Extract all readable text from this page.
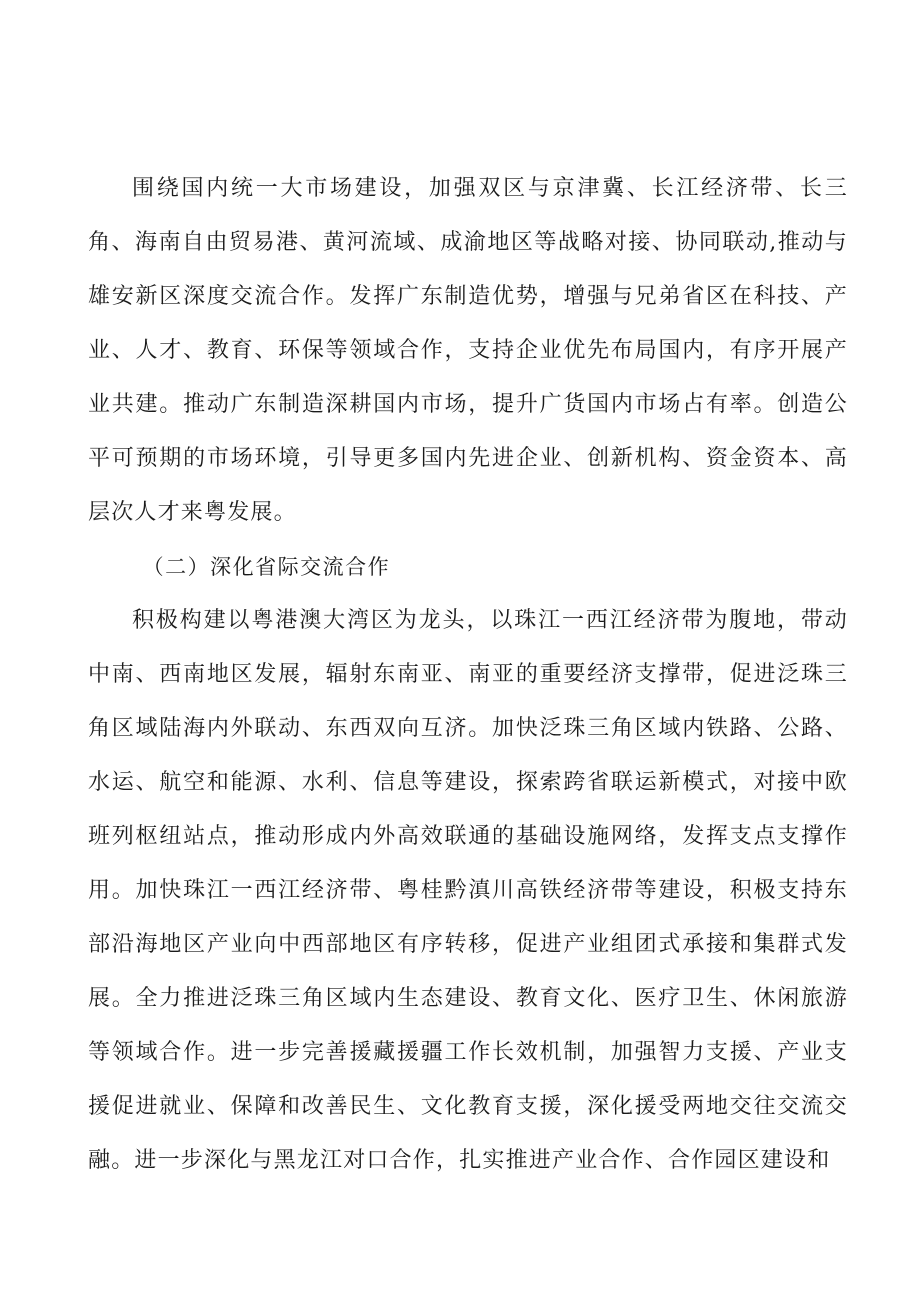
围绕国内统一大市场建设，加强双区与京津冀、长江经济带、长三角、海南自由贸易港、黄河流域、成渝地区等战略对接、协同联动,推动与雄安新区深度交流合作。发挥广东制造优势，增强与兄弟省区在科技、产业、人才、教育、环保等领域合作，支持企业优先布局国内，有序开展产业共建。推动广东制造深耕国内市场，提升广货国内市场占有率。创造公平可预期的市场环境，引导更多国内先进企业、创新机构、资金资本、高层次人才来粤发展。

（二）深化省际交流合作

积极构建以粤港澳大湾区为龙头，以珠江一西江经济带为腹地，带动中南、西南地区发展，辐射东南亚、南亚的重要经济支撑带，促进泛珠三角区域陆海内外联动、东西双向互济。加快泛珠三角区域内铁路、公路、水运、航空和能源、水利、信息等建设，探索跨省联运新模式，对接中欧班列枢纽站点，推动形成内外高效联通的基础设施网络，发挥支点支撑作用。加快珠江一西江经济带、粤桂黔滇川高铁经济带等建设，积极支持东部沿海地区产业向中西部地区有序转移，促进产业组团式承接和集群式发展。全力推进泛珠三角区域内生态建设、教育文化、医疗卫生、休闲旅游等领域合作。进一步完善援藏援疆工作长效机制，加强智力支援、产业支援促进就业、保障和改善民生、文化教育支援，深化援受两地交往交流交融。进一步深化与黑龙江对口合作，扎实推进产业合作、合作园区建设和
